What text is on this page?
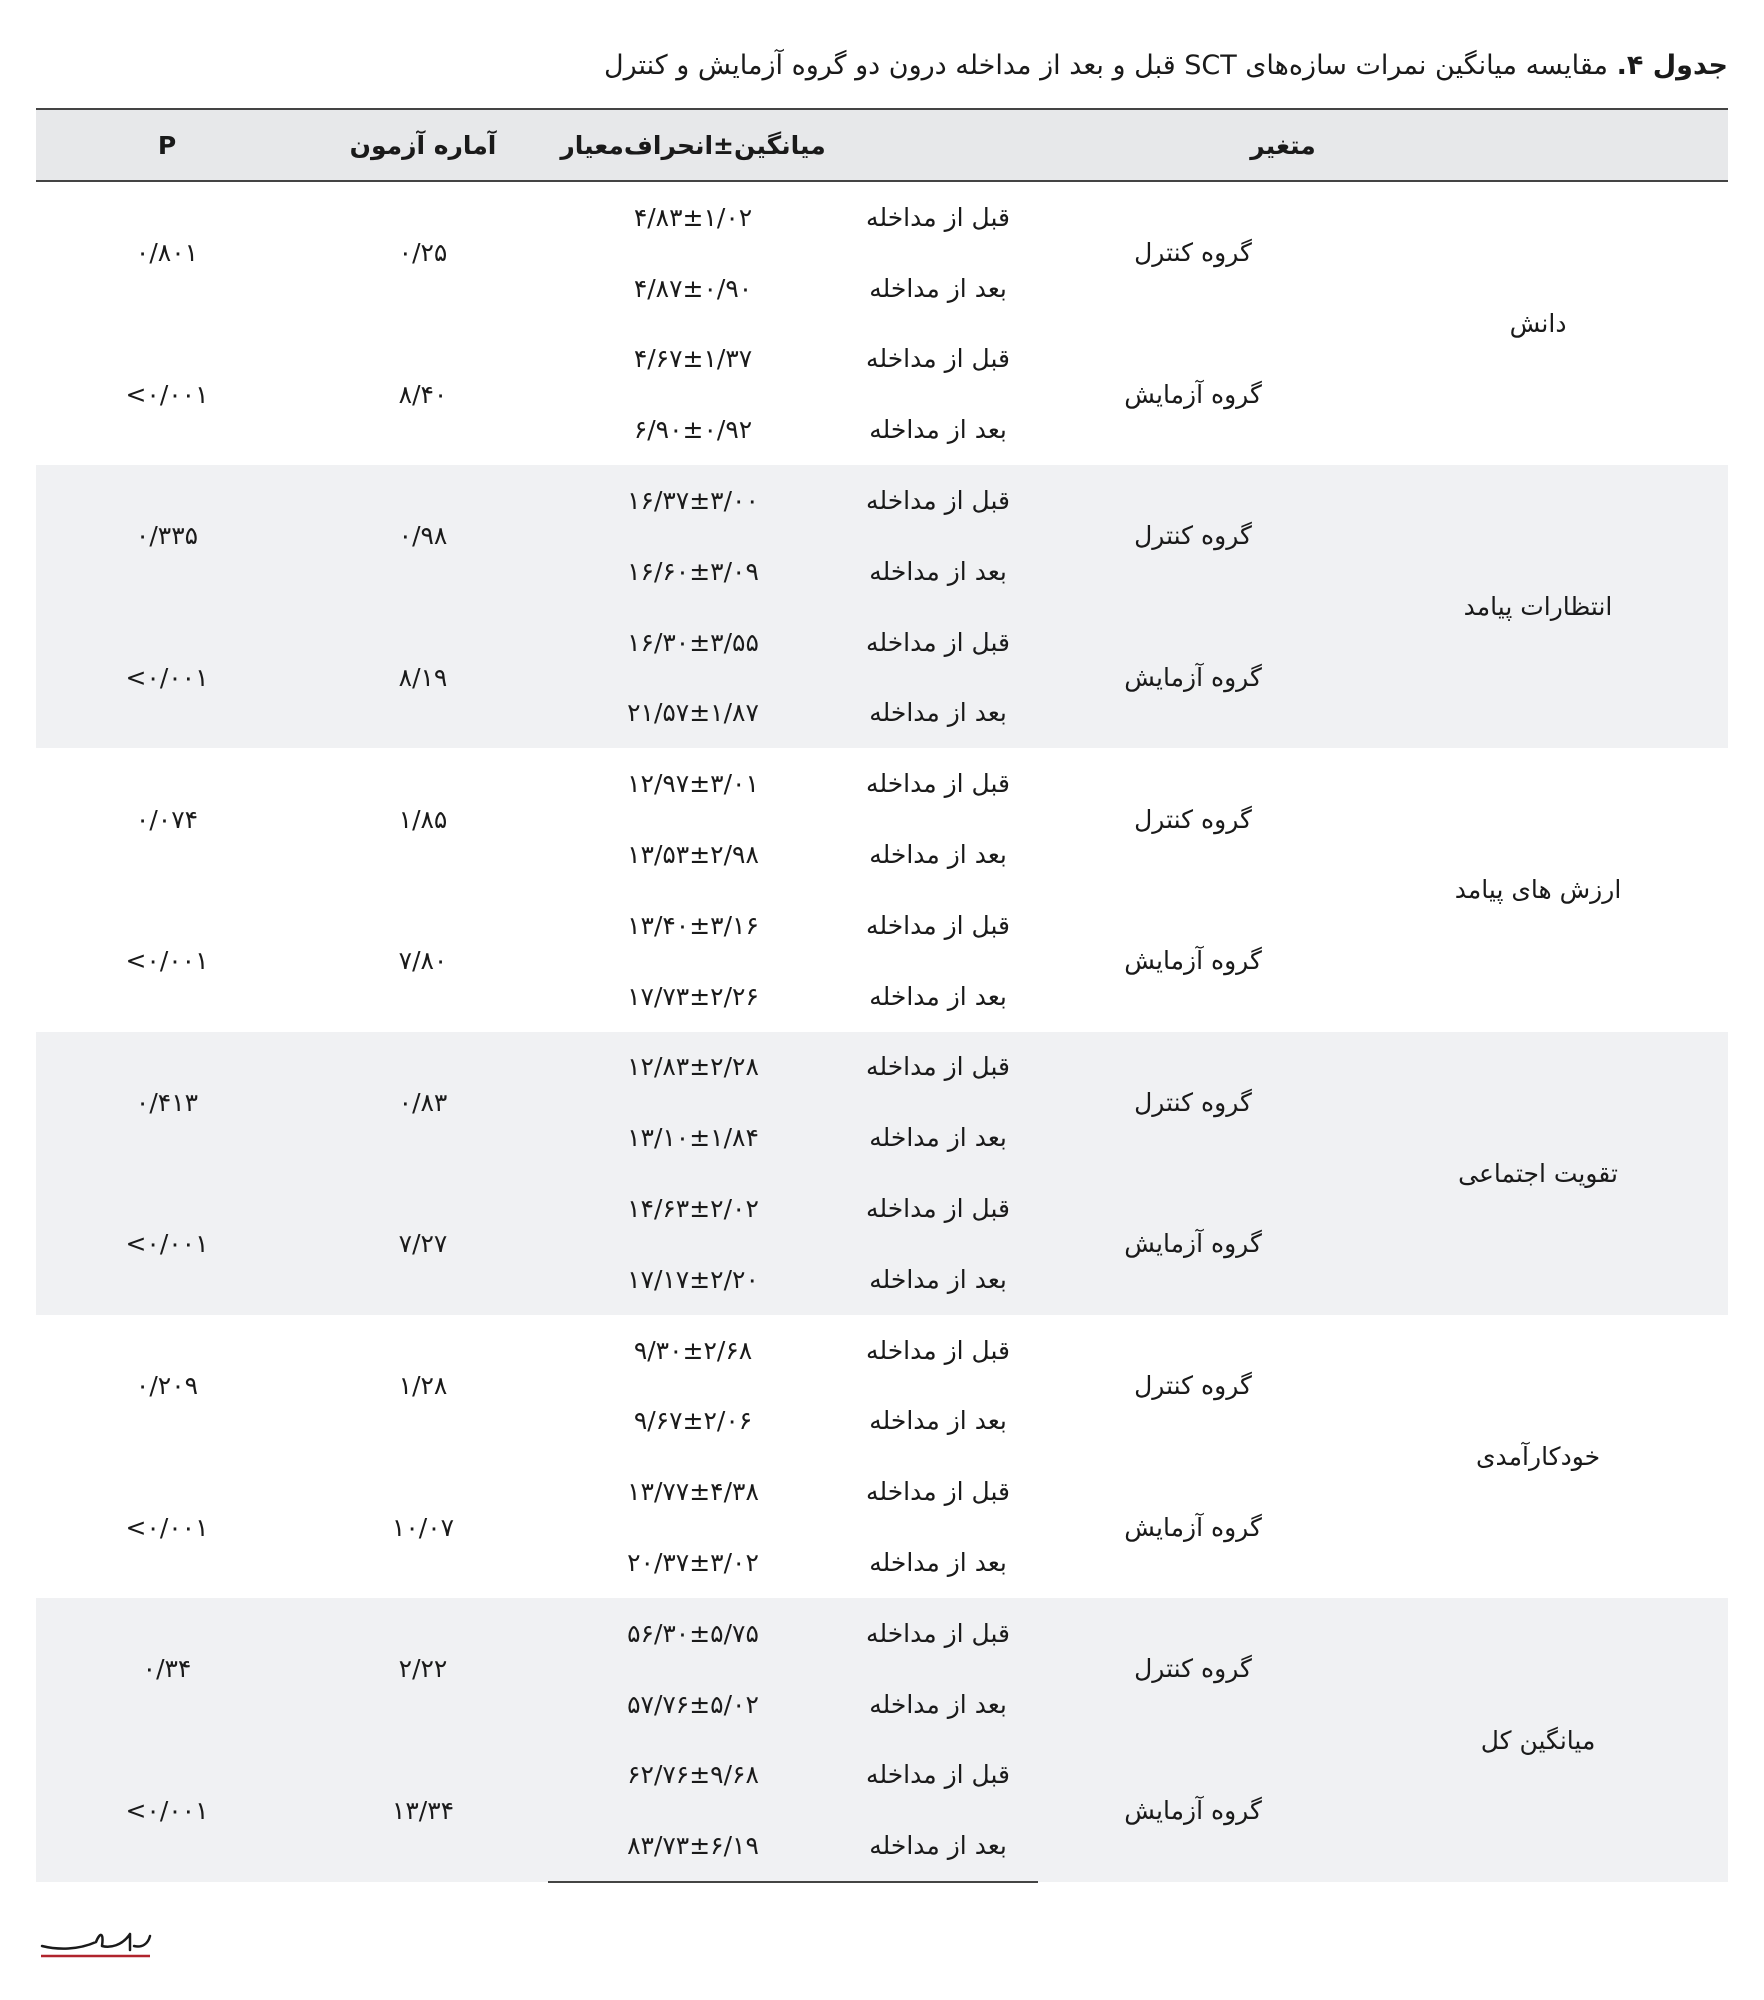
جدول ۴. مقایسه میانگین نمرات سازه‌های SCT قبل و بعد از مداخله درون دو گروه آزمایش و کنترل
متغیر			میانگین±انحراف‌معیار	آماره آزمون	P
دانش	گروه کنترل	قبل از مداخله	۴/۸۳±۱/۰۲	۰/۲۵	۰/۸۰۱
		بعد از مداخله	۴/۸۷±۰/۹۰		
	گروه آزمایش	قبل از مداخله	۴/۶۷±۱/۳۷	۸/۴۰	<۰/۰۰۱
		بعد از مداخله	۶/۹۰±۰/۹۲		
انتظارات پیامد	گروه کنترل	قبل از مداخله	۱۶/۳۷±۳/۰۰	۰/۹۸	۰/۳۳۵
		بعد از مداخله	۱۶/۶۰±۳/۰۹		
	گروه آزمایش	قبل از مداخله	۱۶/۳۰±۳/۵۵	۸/۱۹	<۰/۰۰۱
		بعد از مداخله	۲۱/۵۷±۱/۸۷		
ارزش های پیامد	گروه کنترل	قبل از مداخله	۱۲/۹۷±۳/۰۱	۱/۸۵	۰/۰۷۴
		بعد از مداخله	۱۳/۵۳±۲/۹۸		
	گروه آزمایش	قبل از مداخله	۱۳/۴۰±۳/۱۶	۷/۸۰	<۰/۰۰۱
		بعد از مداخله	۱۷/۷۳±۲/۲۶		
تقویت اجتماعی	گروه کنترل	قبل از مداخله	۱۲/۸۳±۲/۲۸	۰/۸۳	۰/۴۱۳
		بعد از مداخله	۱۳/۱۰±۱/۸۴		
	گروه آزمایش	قبل از مداخله	۱۴/۶۳±۲/۰۲	۷/۲۷	<۰/۰۰۱
		بعد از مداخله	۱۷/۱۷±۲/۲۰		
خودکارآمدی	گروه کنترل	قبل از مداخله	۹/۳۰±۲/۶۸	۱/۲۸	۰/۲۰۹
		بعد از مداخله	۹/۶۷±۲/۰۶		
	گروه آزمایش	قبل از مداخله	۱۳/۷۷±۴/۳۸	۱۰/۰۷	<۰/۰۰۱
		بعد از مداخله	۲۰/۳۷±۳/۰۲		
میانگین کل	گروه کنترل	قبل از مداخله	۵۶/۳۰±۵/۷۵	۲/۲۲	۰/۳۴
		بعد از مداخله	۵۷/۷۶±۵/۰۲		
	گروه آزمایش	قبل از مداخله	۶۲/۷۶±۹/۶۸	۱۳/۳۴	<۰/۰۰۱
		بعد از مداخله	۸۳/۷۳±۶/۱۹		
